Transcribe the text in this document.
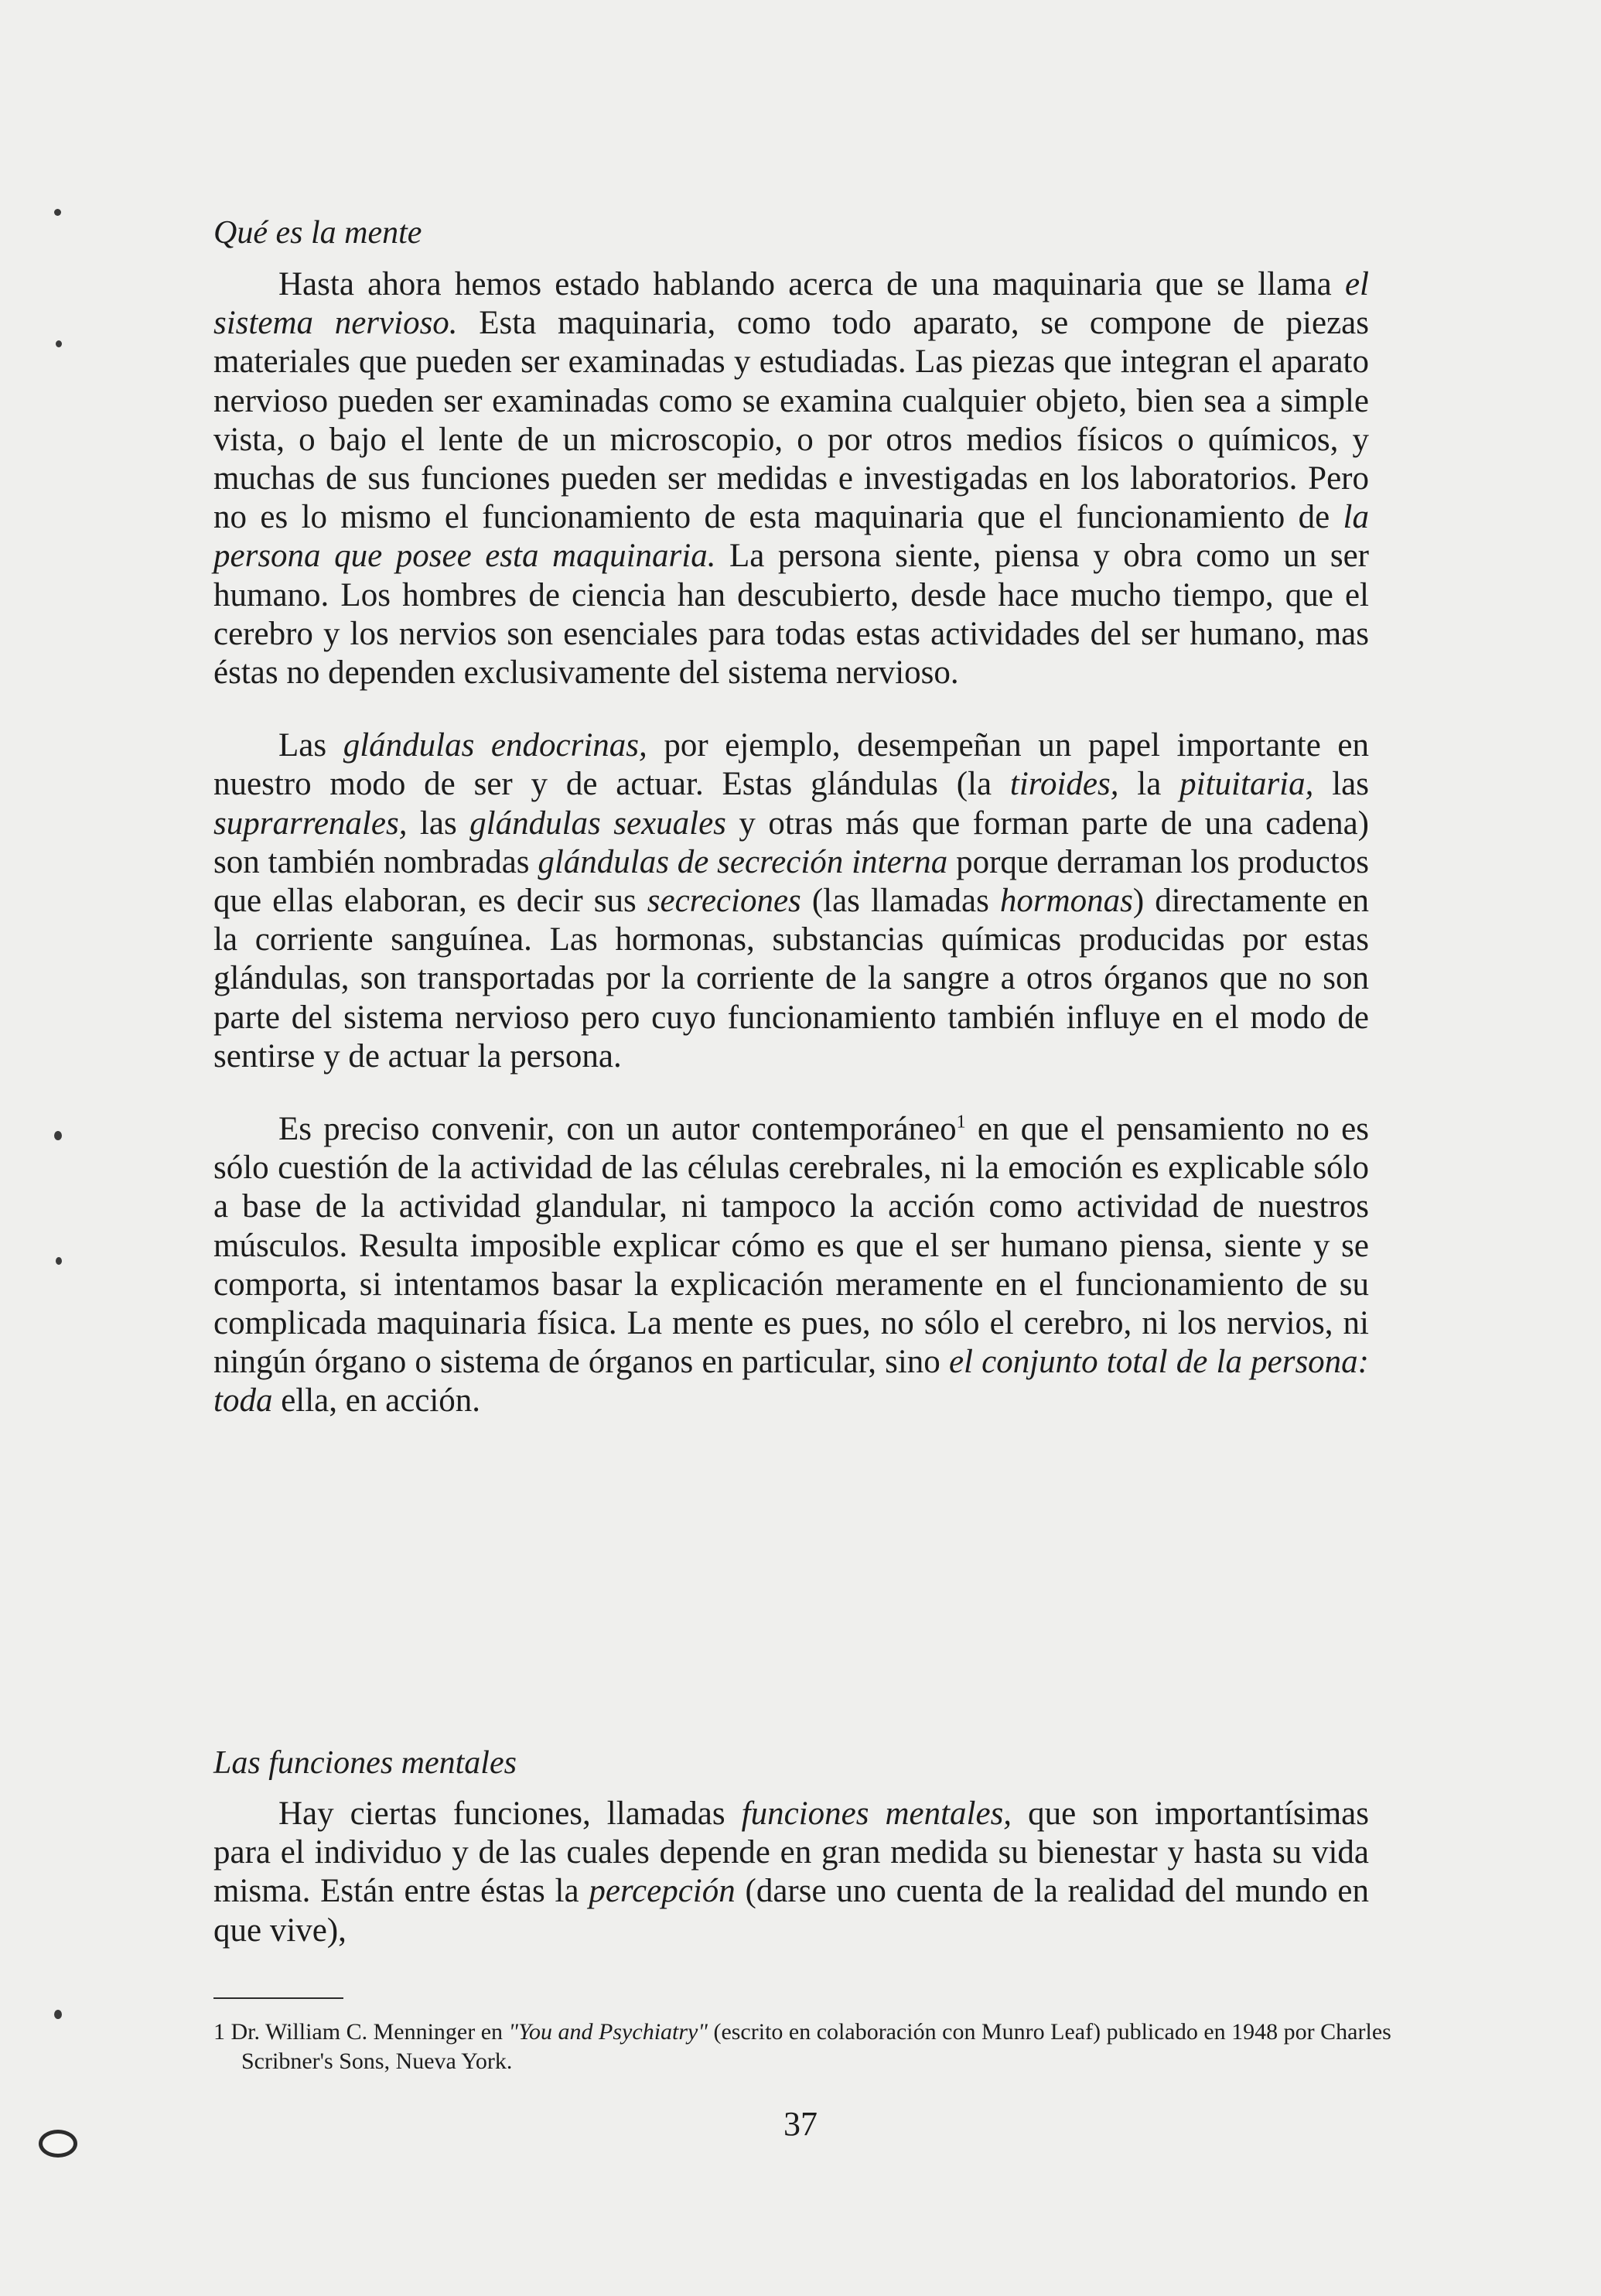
Qué es la mente

Hasta ahora hemos estado hablando acerca de una maquinaria que se llama el sistema nervioso. Esta maquinaria, como todo aparato, se compone de piezas materiales que pueden ser examinadas y estudiadas. Las piezas que integran el aparato nervioso pueden ser examinadas como se examina cualquier objeto, bien sea a simple vista, o bajo el lente de un microscopio, o por otros medios físicos o químicos, y muchas de sus funciones pueden ser medidas e investigadas en los laboratorios. Pero no es lo mismo el funcionamiento de esta maquinaria que el funcionamiento de la persona que posee esta maquinaria. La persona siente, piensa y obra como un ser humano. Los hombres de ciencia han descubierto, desde hace mucho tiempo, que el cerebro y los nervios son esenciales para todas estas actividades del ser humano, mas éstas no dependen exclusivamente del sistema nervioso.

Las glándulas endocrinas, por ejemplo, desempeñan un papel importante en nuestro modo de ser y de actuar. Estas glándulas (la tiroides, la pituitaria, las suprarrenales, las glándulas sexuales y otras más que forman parte de una cadena) son también nombradas glándulas de secreción interna porque derraman los productos que ellas elaboran, es decir sus secreciones (las llamadas hormonas) directamente en la corriente sanguínea. Las hormonas, substancias químicas producidas por estas glándulas, son transportadas por la corriente de la sangre a otros órganos que no son parte del sistema nervioso pero cuyo funcionamiento también influye en el modo de sentirse y de actuar la persona.

Es preciso convenir, con un autor contemporáneo$^1$ en que el pensamiento no es sólo cuestión de la actividad de las células cerebrales, ni la emoción es explicable sólo a base de la actividad glandular, ni tampoco la acción como actividad de nuestros músculos. Resulta imposible explicar cómo es que el ser humano piensa, siente y se comporta, si intentamos basar la explicación meramente en el funcionamiento de su complicada maquinaria física. La mente es pues, no sólo el cerebro, ni los nervios, ni ningún órgano o sistema de órganos en particular, sino el conjunto total de la persona: toda ella, en acción.

Las funciones mentales

Hay ciertas funciones, llamadas funciones mentales, que son importantísimas para el individuo y de las cuales depende en gran medida su bienestar y hasta su vida misma. Están entre éstas la percepción (darse uno cuenta de la realidad del mundo en que vive),

1 Dr. William C. Menninger en "You and Psychiatry" (escrito en colaboración con Munro Leaf) publicado en 1948 por Charles Scribner's Sons, Nueva York.

37
